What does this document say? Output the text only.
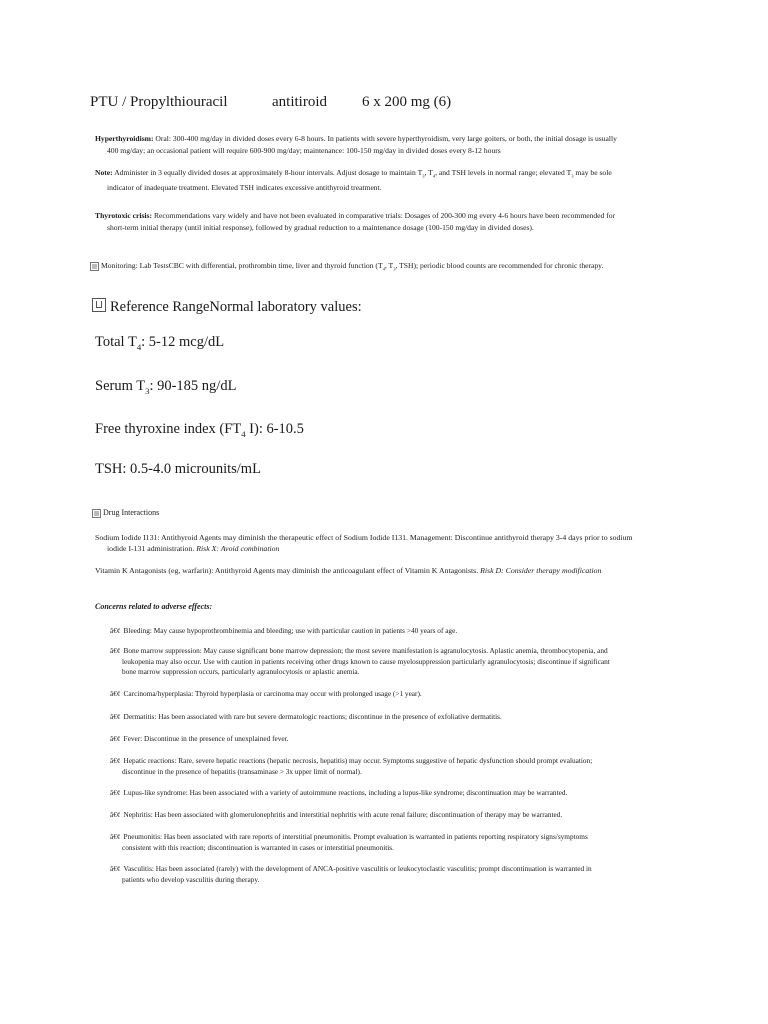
PTU / Propylthiouracil	antitiroid 6 x 200 mg (6)
Hyperthyroidism: Oral: 300-400 mg/day in divided doses every 6-8 hours. In patients with severe hyperthyroidism, very large goiters, or both, the initial dosage is usually
400 mg/day; an occasional patient will require 600-900 mg/day; maintenance: 100-150 mg/day in divided doses every 8-12 hours
Note: Administer in 3 equally divided doses at approximately 8-hour intervals. Adjust dosage to maintain $T_3$, $T_4$, and TSH levels in normal range; elevated $T_3$ may be sole
indicator of inadequate treatment. Elevated TSH indicates excessive antithyroid treatment.
Thyrotoxic crisis: Recommendations vary widely and have not been evaluated in comparative trials: Dosages of 200-300 mg every 4-6 hours have been recommended for
short-term initial therapy (until initial response), followed by gradual reduction to a maintenance dosage (100-150 mg/day in divided doses).
Monitoring: Lab TestsCBC with differential, prothrombin time, liver and thyroid function ($T_4$, $T_3$, TSH); periodic blood counts are recommended for chronic therapy.
Reference RangeNormal laboratory values:
Total $T_4$: 5-12 mcg/dL
Serum $T_3$: 90-185 ng/dL
Free thyroxine index ($FT_4$ I): 6-10.5
TSH: 0.5-4.0 microunits/mL
Drug Interactions
Sodium Iodide I131: Antithyroid Agents may diminish the therapeutic effect of Sodium Iodide I131. Management: Discontinue antithyroid therapy 3-4 days prior to sodium
iodide I-131 administration. Risk X: Avoid combination
Vitamin K Antagonists (eg, warfarin): Antithyroid Agents may diminish the anticoagulant effect of Vitamin K Antagonists. Risk D: Consider therapy modification
Concerns related to adverse effects:
â€¢ Bleeding: May cause hypoprothrombinemia and bleeding; use with particular caution in patients >40 years of age.
â€¢ Bone marrow suppression: May cause significant bone marrow depression; the most severe manifestation is agranulocytosis. Aplastic anemia, thrombocytopenia, and
leukopenia may also occur. Use with caution in patients receiving other drugs known to cause myelosuppression particularly agranulocytosis; discontinue if significant
bone marrow suppression occurs, particularly agranulocytosis or aplastic anemia.
â€¢ Carcinoma/hyperplasia: Thyroid hyperplasia or carcinoma may occur with prolonged usage (>1 year).
â€¢ Dermatitis: Has been associated with rare but severe dermatologic reactions; discontinue in the presence of exfoliative dermatitis.
â€¢ Fever: Discontinue in the presence of unexplained fever.
â€¢ Hepatic reactions: Rare, severe hepatic reactions (hepatic necrosis, hepatitis) may occur. Symptoms suggestive of hepatic dysfunction should prompt evaluation;
discontinue in the presence of hepatitis (transaminase > 3x upper limit of normal).
â€¢ Lupus-like syndrome: Has been associated with a variety of autoimmune reactions, including a lupus-like syndrome; discontinuation may be warranted.
â€¢ Nephritis: Has been associated with glomerulonephritis and interstitial nephritis with acute renal failure; discontinuation of therapy may be warranted.
â€¢ Pneumonitis: Has been associated with rare reports of interstitial pneumonitis. Prompt evaluation is warranted in patients reporting respiratory signs/symptoms
consistent with this reaction; discontinuation is warranted in cases or interstitial pneumonitis.
â€¢ Vasculitis: Has been associated (rarely) with the development of ANCA-positive vasculitis or leukocytoclastic vasculitis; prompt discontinuation is warranted in
patients who develop vasculitis during therapy.
